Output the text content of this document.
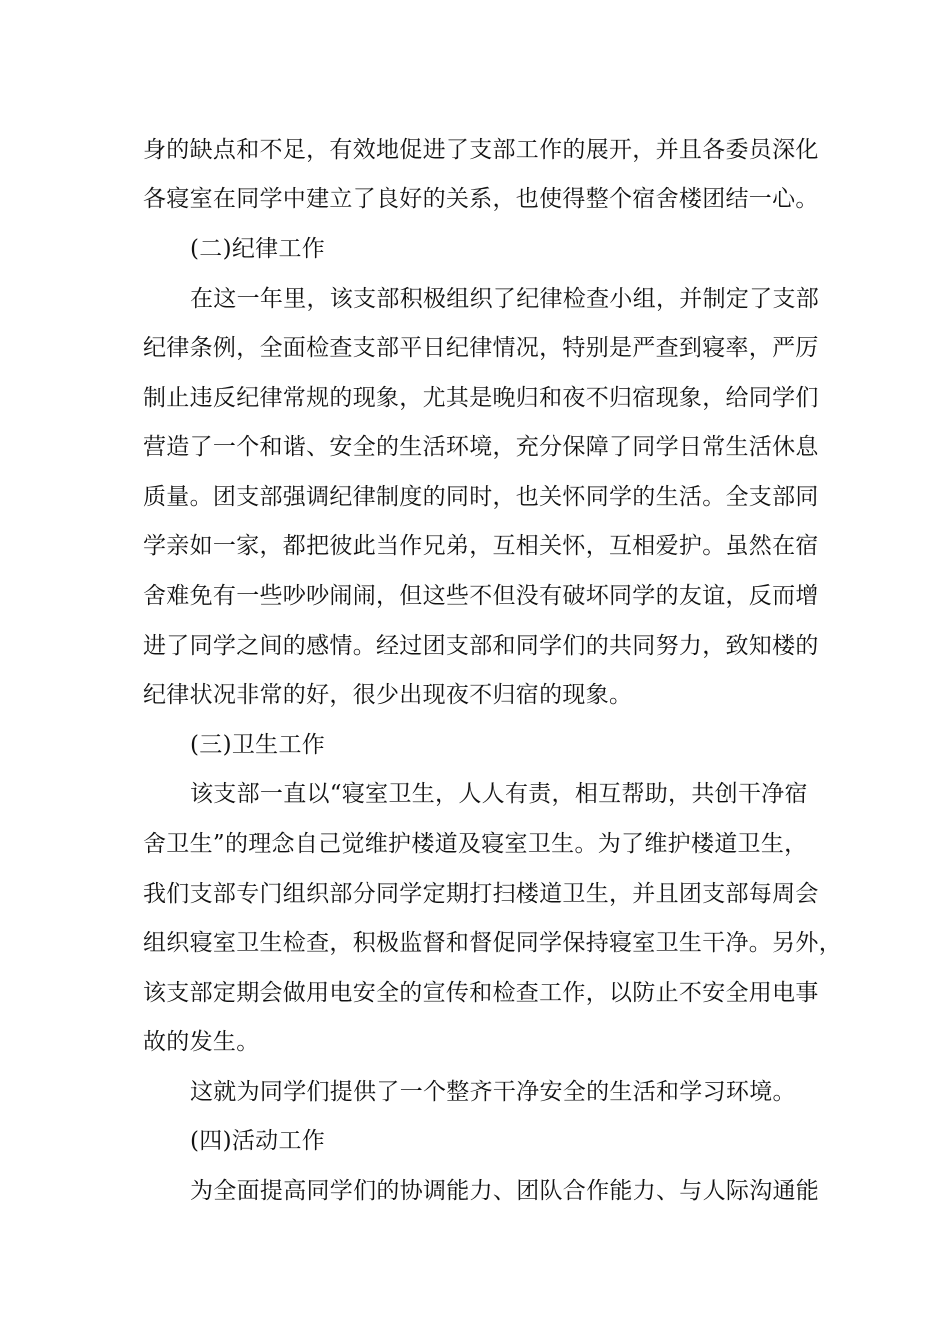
身的缺点和不足，有效地促进了支部工作的展开，并且各委员深化

各寝室在同学中建立了良好的关系，也使得整个宿舍楼团结一心。

(二)纪律工作

在这一年里，该支部积极组织了纪律检查小组，并制定了支部

纪律条例，全面检查支部平日纪律情况，特别是严查到寝率，严厉

制止违反纪律常规的现象，尤其是晚归和夜不归宿现象，给同学们

营造了一个和谐、安全的生活环境，充分保障了同学日常生活休息

质量。团支部强调纪律制度的同时，也关怀同学的生活。全支部同

学亲如一家，都把彼此当作兄弟，互相关怀，互相爱护。虽然在宿

舍难免有一些吵吵闹闹，但这些不但没有破坏同学的友谊，反而增

进了同学之间的感情。经过团支部和同学们的共同努力，致知楼的

纪律状况非常的好，很少出现夜不归宿的现象。

(三)卫生工作

该支部一直以“寝室卫生，人人有责，相互帮助，共创干净宿

舍卫生”的理念自己觉维护楼道及寝室卫生。为了维护楼道卫生，

我们支部专门组织部分同学定期打扫楼道卫生，并且团支部每周会

组织寝室卫生检查，积极监督和督促同学保持寝室卫生干净。另外，

该支部定期会做用电安全的宣传和检查工作，以防止不安全用电事

故的发生。

这就为同学们提供了一个整齐干净安全的生活和学习环境。

(四)活动工作

为全面提高同学们的协调能力、团队合作能力、与人际沟通能
